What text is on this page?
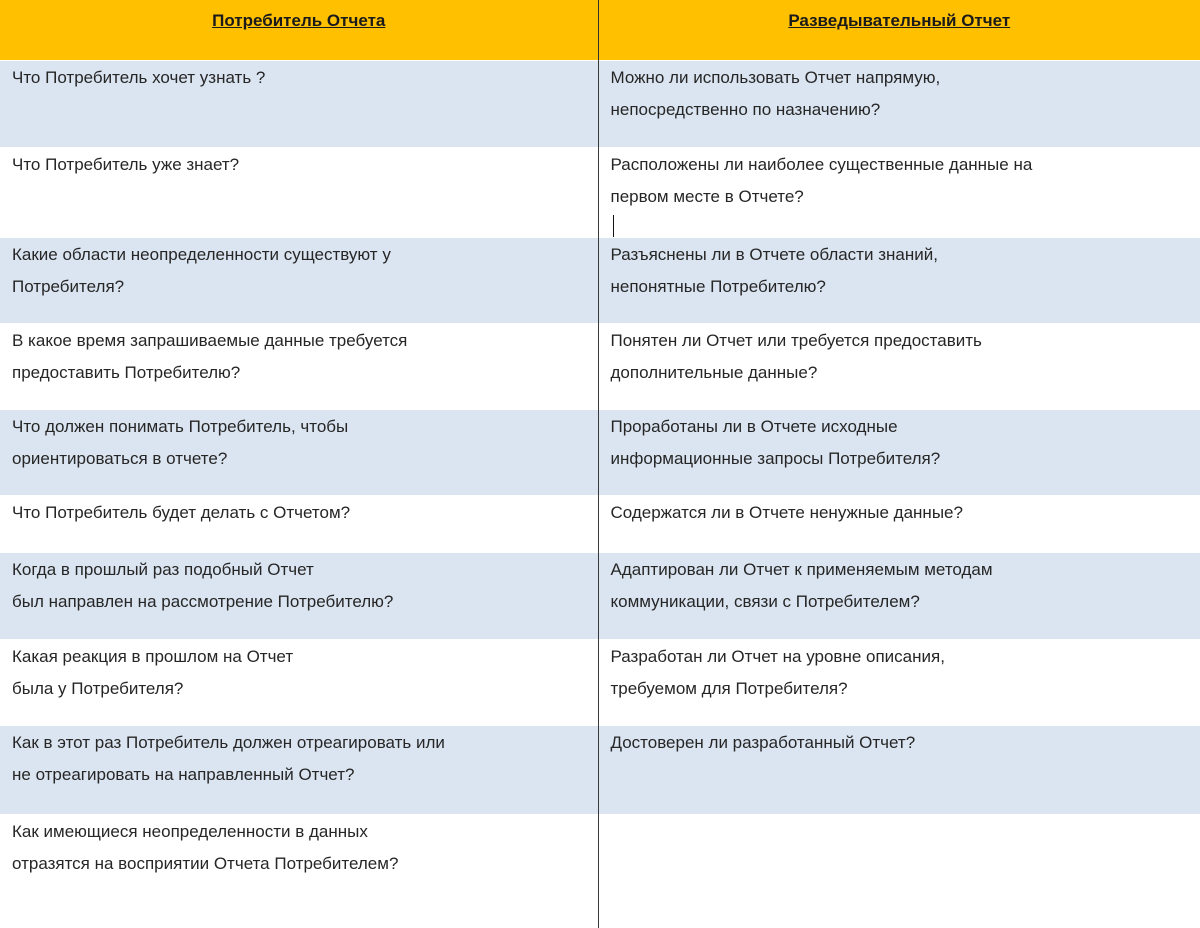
Потребитель Отчета	Разведывательный Отчет

Что Потребитель хочет узнать ?	Можно ли использовать Отчет напрямую,
непосредственно по назначению?

Что Потребитель уже знает?	Расположены ли наиболее существенные данные на
первом месте в Отчете?

Какие области неопределенности существуют у
Потребителя?	Разъяснены ли в Отчете области знаний,
непонятные Потребителю?

В какое время запрашиваемые данные требуется
предоставить Потребителю?	Понятен ли Отчет или требуется предоставить
дополнительные данные?

Что должен понимать Потребитель, чтобы
ориентироваться в отчете?	Проработаны ли в Отчете исходные
информационные запросы Потребителя?

Что Потребитель будет делать с Отчетом?	Содержатся ли в Отчете ненужные данные?

Когда в прошлый раз подобный Отчет
был направлен на рассмотрение Потребителю?	Адаптирован ли Отчет к применяемым методам
коммуникации, связи с Потребителем?

Какая реакция в прошлом на Отчет
была у Потребителя?	Разработан ли Отчет на уровне описания,
требуемом для Потребителя?

Как в этот раз Потребитель должен отреагировать или
не отреагировать на направленный Отчет?	Достоверен ли разработанный Отчет?

Как имеющиеся неопределенности в данных
отразятся на восприятии Отчета Потребителем?	
